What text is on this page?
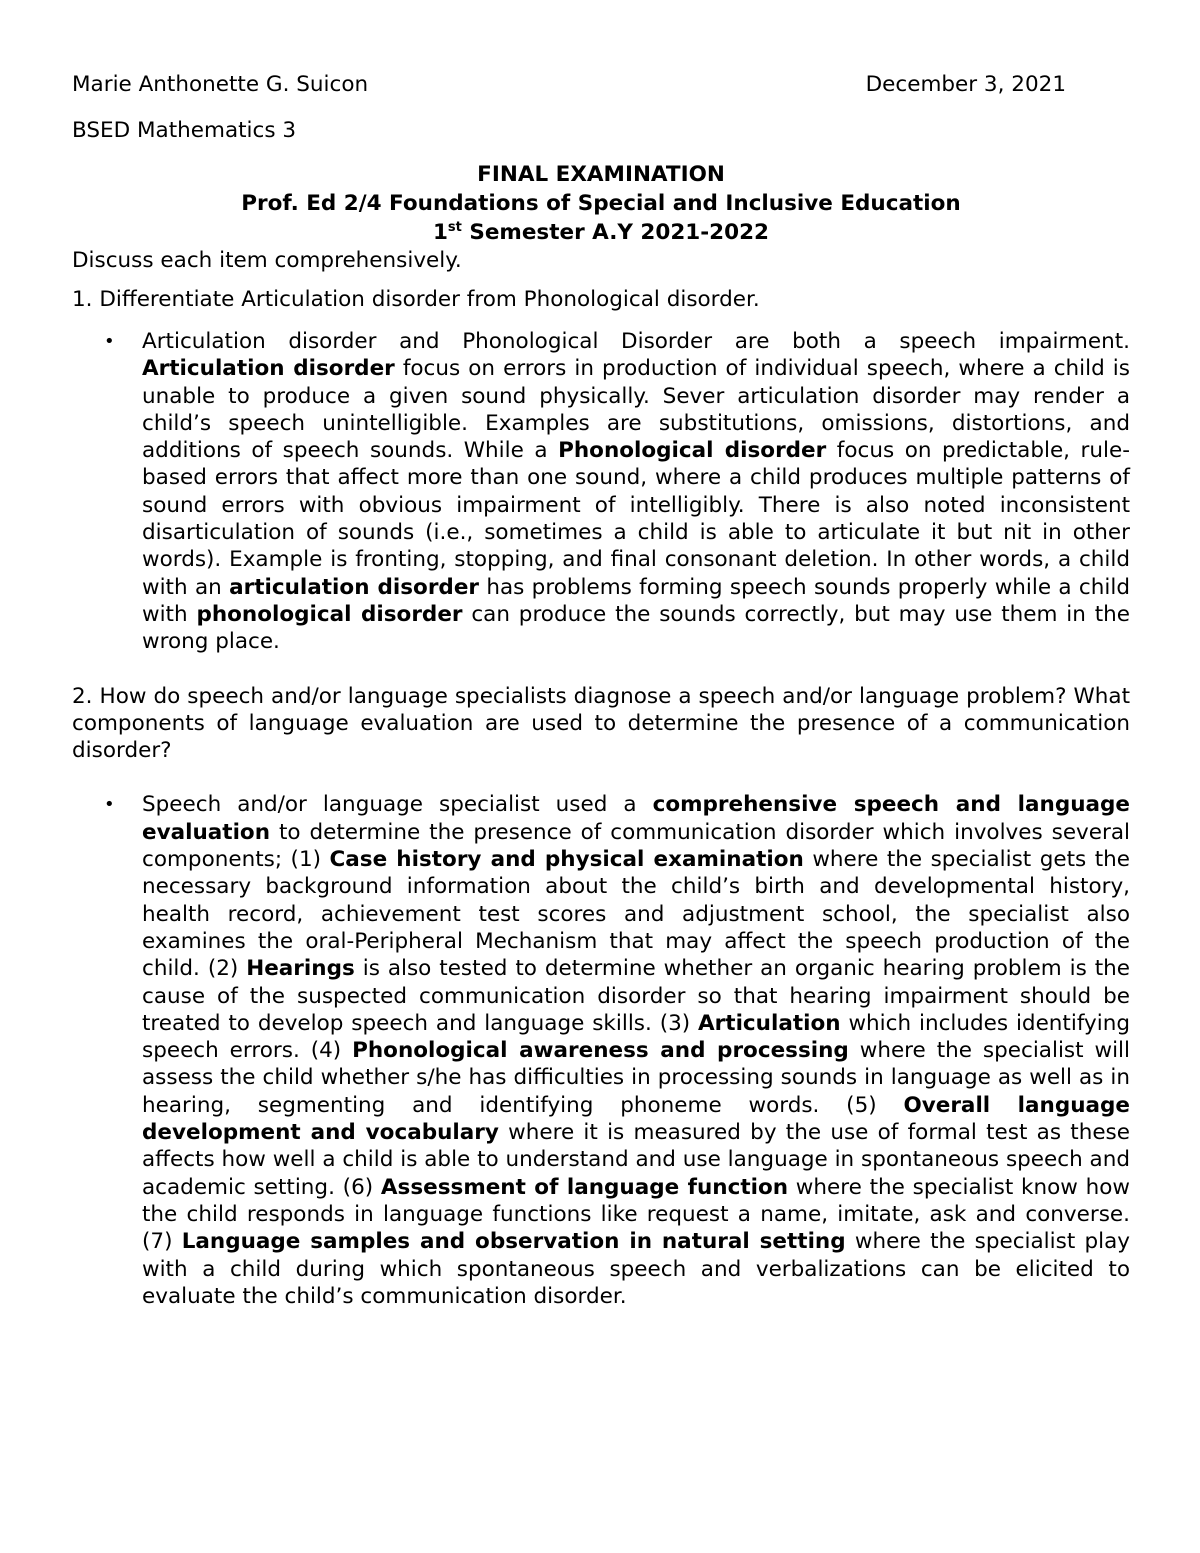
Marie Anthonette G. Suicon	December 3, 2021
BSED Mathematics 3
FINAL EXAMINATION
Prof. Ed 2/4 Foundations of Special and Inclusive Education
1st Semester A.Y 2021-2022
Discuss each item comprehensively.
1. Differentiate Articulation disorder from Phonological disorder.
• Articulation disorder and Phonological Disorder are both a speech impairment. Articulation disorder focus on errors in production of individual speech, where a child is unable to produce a given sound physically. Sever articulation disorder may render a child’s speech unintelligible. Examples are substitutions, omissions, distortions, and additions of speech sounds. While a Phonological disorder focus on predictable, rule-based errors that affect more than one sound, where a child produces multiple patterns of sound errors with obvious impairment of intelligibly. There is also noted inconsistent disarticulation of sounds (i.e., sometimes a child is able to articulate it but nit in other words). Example is fronting, stopping, and final consonant deletion. In other words, a child with an articulation disorder has problems forming speech sounds properly while a child with phonological disorder can produce the sounds correctly, but may use them in the wrong place.
2. How do speech and/or language specialists diagnose a speech and/or language problem? What components of language evaluation are used to determine the presence of a communication disorder?
• Speech and/or language specialist used a comprehensive speech and language evaluation to determine the presence of communication disorder which involves several components; (1) Case history and physical examination where the specialist gets the necessary background information about the child’s birth and developmental history, health record, achievement test scores and adjustment school, the specialist also examines the oral-Peripheral Mechanism that may affect the speech production of the child. (2) Hearings is also tested to determine whether an organic hearing problem is the cause of the suspected communication disorder so that hearing impairment should be treated to develop speech and language skills. (3) Articulation which includes identifying speech errors. (4) Phonological awareness and processing where the specialist will assess the child whether s/he has difficulties in processing sounds in language as well as in hearing, segmenting and identifying phoneme words. (5) Overall language development and vocabulary where it is measured by the use of formal test as these affects how well a child is able to understand and use language in spontaneous speech and academic setting. (6) Assessment of language function where the specialist know how the child responds in language functions like request a name, imitate, ask and converse. (7) Language samples and observation in natural setting where the specialist play with a child during which spontaneous speech and verbalizations can be elicited to evaluate the child’s communication disorder.
